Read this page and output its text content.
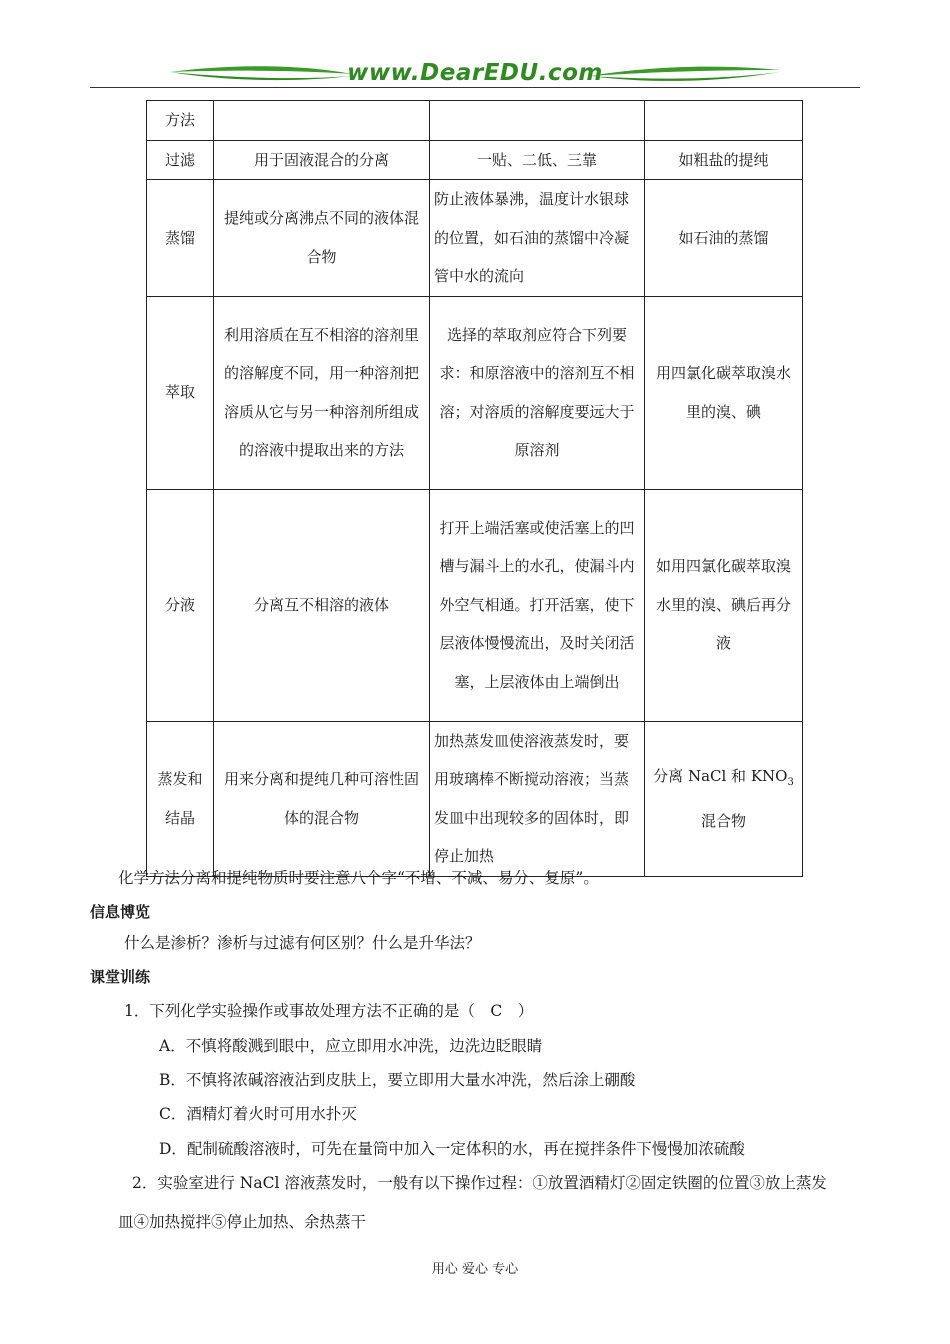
www.DearEDU.com
方法			
过滤	用于固液混合的分离	一贴、二低、三靠	如粗盐的提纯
蒸馏	提纯或分离沸点不同的液体混合物	防止液体暴沸，温度计水银球的位置，如石油的蒸馏中冷凝管中水的流向	如石油的蒸馏
萃取	利用溶质在互不相溶的溶剂里的溶解度不同，用一种溶剂把溶质从它与另一种溶剂所组成的溶液中提取出来的方法	选择的萃取剂应符合下列要求：和原溶液中的溶剂互不相溶；对溶质的溶解度要远大于原溶剂	用四氯化碳萃取溴水里的溴、碘
分液	分离互不相溶的液体	打开上端活塞或使活塞上的凹槽与漏斗上的水孔，使漏斗内外空气相通。打开活塞，使下层液体慢慢流出，及时关闭活塞，上层液体由上端倒出	如用四氯化碳萃取溴水里的溴、碘后再分液
蒸发和结晶	用来分离和提纯几种可溶性固体的混合物	加热蒸发皿使溶液蒸发时，要用玻璃棒不断搅动溶液；当蒸发皿中出现较多的固体时，即停止加热	分离 NaCl 和 $KNO_3$混合物
化学方法分离和提纯物质时要注意八个字“不增、不减、易分、复原”。
信息博览
什么是渗析？渗析与过滤有何区别？什么是升华法？
课堂训练
1．下列化学实验操作或事故处理方法不正确的是（　C　）
A．不慎将酸溅到眼中，应立即用水冲洗，边洗边眨眼睛
B．不慎将浓碱溶液沾到皮肤上，要立即用大量水冲洗，然后涂上硼酸
C．酒精灯着火时可用水扑灭
D．配制硫酸溶液时，可先在量筒中加入一定体积的水，再在搅拌条件下慢慢加浓硫酸
2．实验室进行 NaCl 溶液蒸发时，一般有以下操作过程：①放置酒精灯②固定铁圈的位置③放上蒸发
皿④加热搅拌⑤停止加热、余热蒸干
用心 爱心 专心
